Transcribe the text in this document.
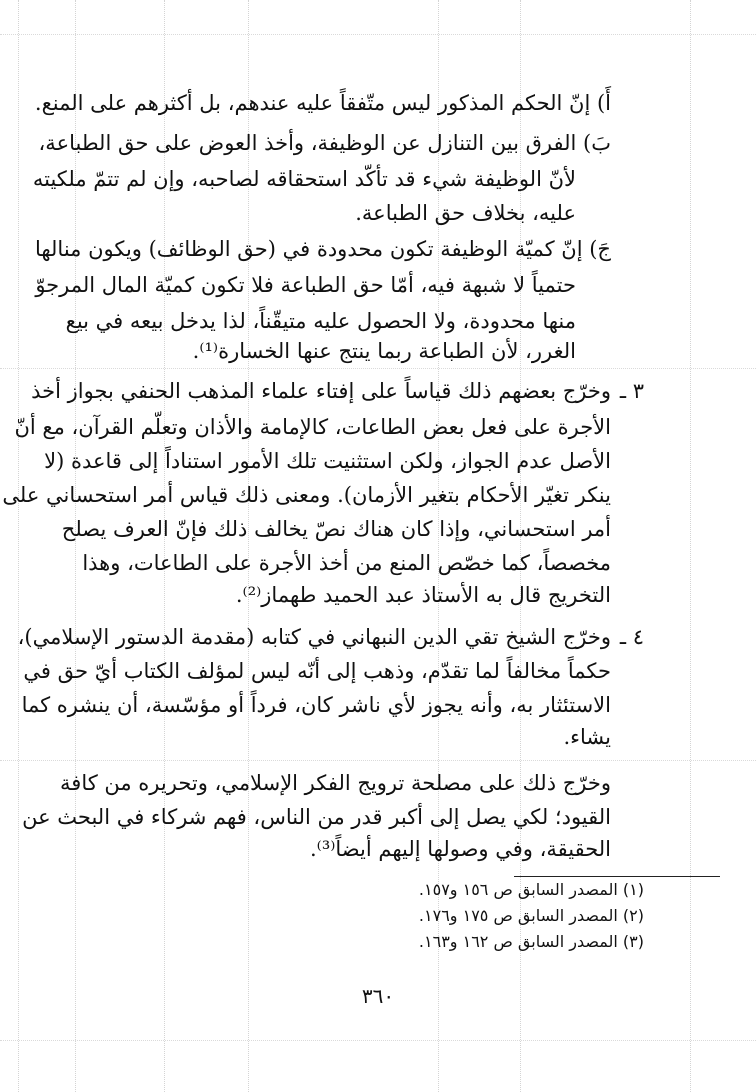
أَ) إنّ الحكم المذكور ليس متّفقاً عليه عندهم، بل أكثرهم على المنع.
بَ) الفرق بين التنازل عن الوظيفة، وأخذ العوض على حق الطباعة،
لأنّ الوظيفة شيء قد تأكّد استحقاقه لصاحبه، وإن لم تتمّ ملكيته
عليه، بخلاف حق الطباعة.
جَ) إنّ كميّة الوظيفة تكون محدودة في (حق الوظائف) ويكون منالها
حتمياً لا شبهة فيه، أمّا حق الطباعة فلا تكون كميّة المال المرجوّ
منها محدودة، ولا الحصول عليه متيقّناً، لذا يدخل بيعه في بيع
الغرر، لأن الطباعة ربما ينتج عنها الخسارة⁽¹⁾.
٣ ـ
وخرّج بعضهم ذلك قياساً على إفتاء علماء المذهب الحنفي بجواز أخذ
الأجرة على فعل بعض الطاعات، كالإمامة والأذان وتعلّم القرآن، مع أنّ
الأصل عدم الجواز، ولكن استثنيت تلك الأمور استناداً إلى قاعدة (لا
ينكر تغيّر الأحكام بتغير الأزمان). ومعنى ذلك قياس أمر استحساني على
أمر استحساني، وإذا كان هناك نصّ يخالف ذلك فإنّ العرف يصلح
مخصصاً، كما خصّص المنع من أخذ الأجرة على الطاعات، وهذا
التخريج قال به الأستاذ عبد الحميد طهماز⁽²⁾.
٤ ـ
وخرّج الشيخ تقي الدين النبهاني في كتابه (مقدمة الدستور الإسلامي)،
حكماً مخالفاً لما تقدّم، وذهب إلى أنّه ليس لمؤلف الكتاب أيّ حق في
الاستئثار به، وأنه يجوز لأي ناشر كان، فرداً أو مؤسّسة، أن ينشره كما
يشاء.
وخرّج ذلك على مصلحة ترويج الفكر الإسلامي، وتحريره من كافة
القيود؛ لكي يصل إلى أكبر قدر من الناس، فهم شركاء في البحث عن
الحقيقة، وفي وصولها إليهم أيضاً⁽³⁾.
(١) المصدر السابق ص ١٥٦ و١٥٧.
(٢) المصدر السابق ص ١٧٥ و١٧٦.
(٣) المصدر السابق ص ١٦٢ و١٦٣.
٣٦٠
